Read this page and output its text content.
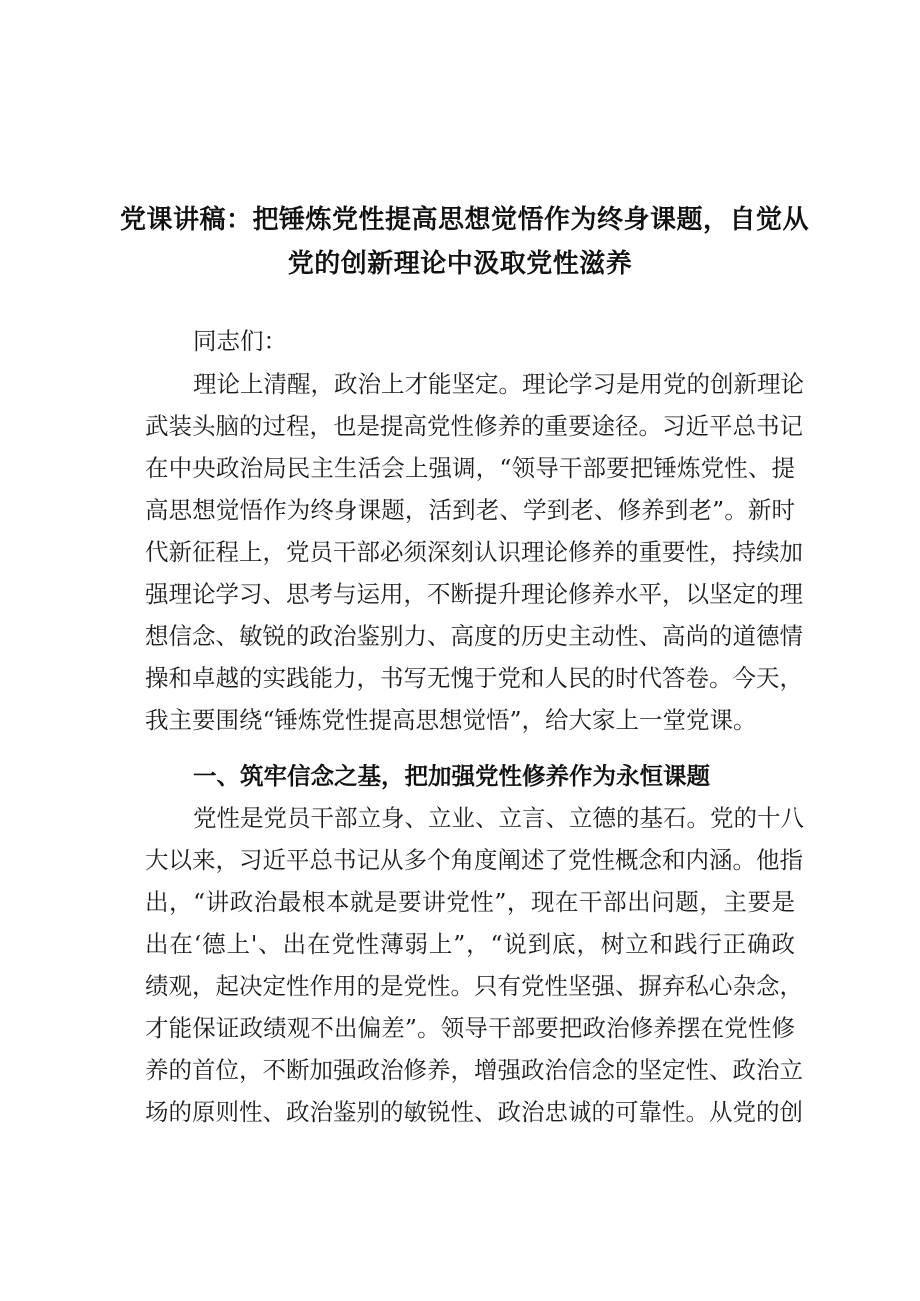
党课讲稿：把锤炼党性提高思想觉悟作为终身课题，自觉从
党的创新理论中汲取党性滋养
同志们：
理论上清醒，政治上才能坚定。理论学习是用党的创新理论
武装头脑的过程，也是提高党性修养的重要途径。习近平总书记
在中央政治局民主生活会上强调，“领导干部要把锤炼党性、提
高思想觉悟作为终身课题，活到老、学到老、修养到老”。新时
代新征程上，党员干部必须深刻认识理论修养的重要性，持续加
强理论学习、思考与运用，不断提升理论修养水平，以坚定的理
想信念、敏锐的政治鉴别力、高度的历史主动性、高尚的道德情
操和卓越的实践能力，书写无愧于党和人民的时代答卷。今天，
我主要围绕“锤炼党性提高思想觉悟”，给大家上一堂党课。
一、筑牢信念之基，把加强党性修养作为永恒课题
党性是党员干部立身、立业、立言、立德的基石。党的十八
大以来，习近平总书记从多个角度阐述了党性概念和内涵。他指
出，“讲政治最根本就是要讲党性”，现在干部出问题，主要是
出在‘德上'、出在党性薄弱上”，“说到底，树立和践行正确政
绩观，起决定性作用的是党性。只有党性坚强、摒弃私心杂念，
才能保证政绩观不出偏差”。领导干部要把政治修养摆在党性修
养的首位，不断加强政治修养，增强政治信念的坚定性、政治立
场的原则性、政治鉴别的敏锐性、政治忠诚的可靠性。从党的创
